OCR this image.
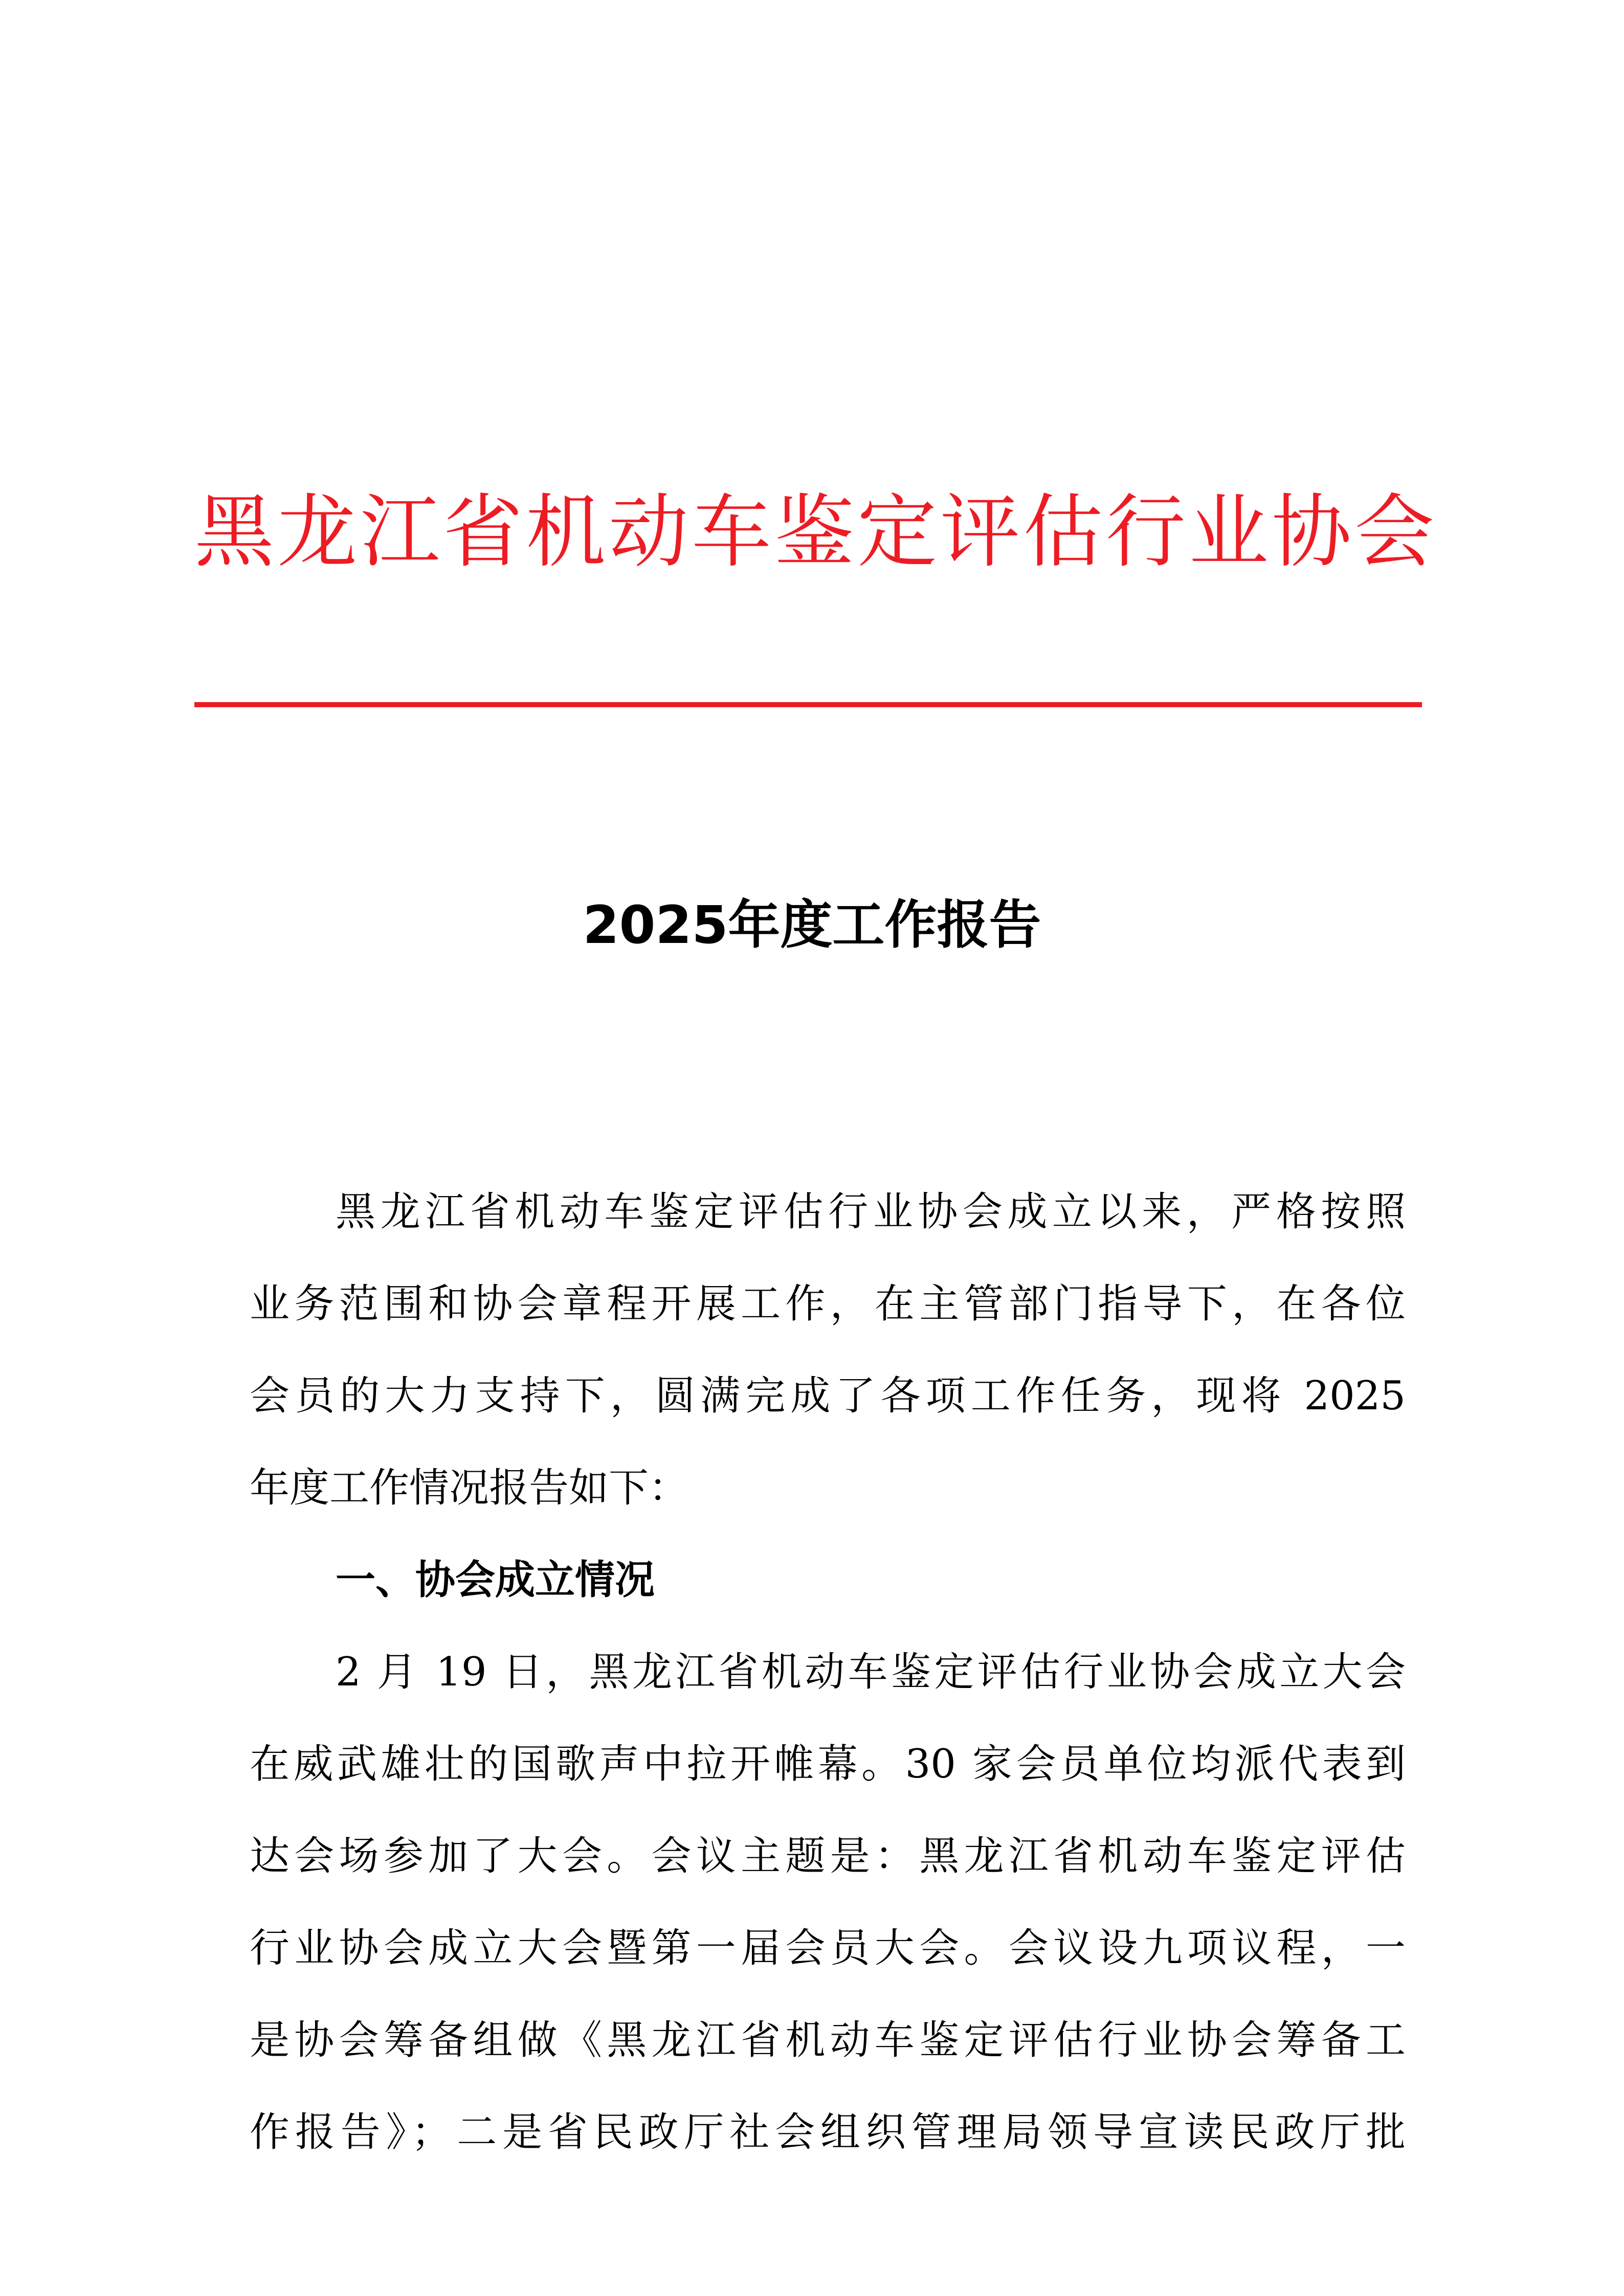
黑龙江省机动车鉴定评估行业协会
2025年度工作报告
黑龙江省机动车鉴定评估行业协会成立以来，严格按照
业务范围和协会章程开展工作，在主管部门指导下，在各位
会员的大力支持下，圆满完成了各项工作任务，现将 2025
年度工作情况报告如下：
一、协会成立情况
2 月 19 日，黑龙江省机动车鉴定评估行业协会成立大会
在威武雄壮的国歌声中拉开帷幕。30 家会员单位均派代表到
达会场参加了大会。会议主题是：黑龙江省机动车鉴定评估
行业协会成立大会暨第一届会员大会。会议设九项议程，一
是协会筹备组做《黑龙江省机动车鉴定评估行业协会筹备工
作报告》；二是省民政厅社会组织管理局领导宣读民政厅批
